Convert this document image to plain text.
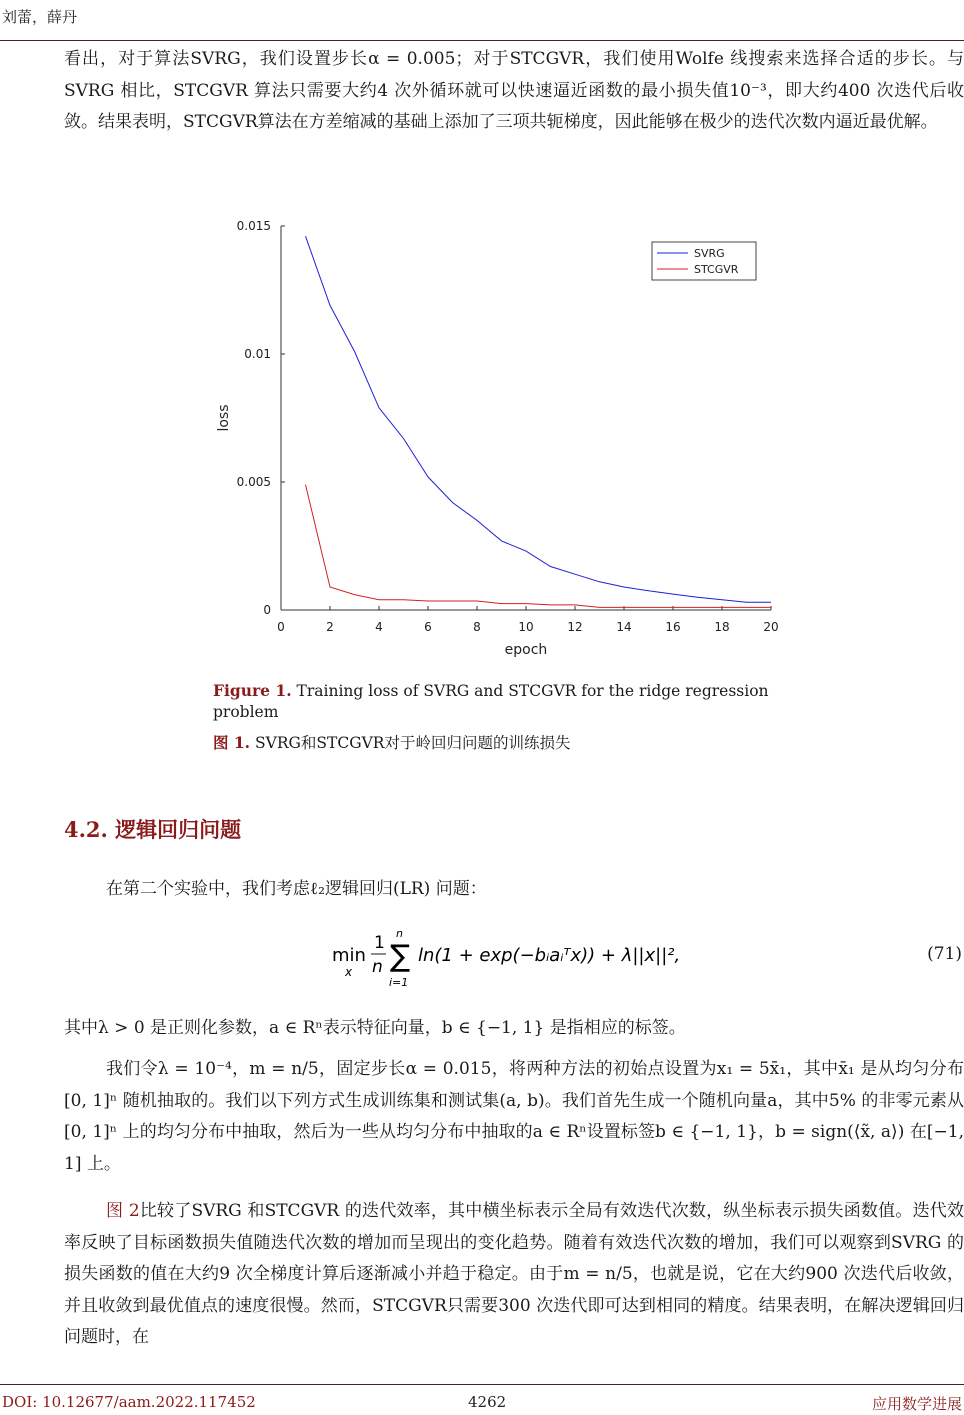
刘蕾，薛丹

看出，对于算法SVRG，我们设置步长α = 0.005；对于STCGVR，我们使用Wolfe 线搜索来选择合适的步长。与SVRG 相比，STCGVR 算法只需要大约4 次外循环就可以快速逼近函数的最小损失值10⁻³，即大约400 次迭代后收敛。结果表明，STCGVR算法在方差缩减的基础上添加了三项共轭梯度，因此能够在极少的迭代次数内逼近最优解。

0	2	4	6	8	10	12	14	16	18	20
0
0.005
0.01
0.015
epoch
loss
SVRG
STCGVR

Figure 1. Training loss of SVRG and STCGVR for the ridge regression problem

图 1. SVRG和STCGVR对于岭回归问题的训练损失

4.2. 逻辑回归问题

在第二个实验中，我们考虑ℓ₂逻辑回归(LR) 问题：

min
x
1
n
n
∑
i=1
ln(1 + exp(−bᵢaᵢᵀx)) + λ||x||²,	(71)

其中λ > 0 是正则化参数，a ∈ Rⁿ表示特征向量，b ∈ {−1, 1} 是指相应的标签。

我们令λ = 10⁻⁴，m = n/5，固定步长α = 0.015，将两种方法的初始点设置为x₁ = 5x̄₁，其中x̄₁ 是从均匀分布[0, 1]ⁿ 随机抽取的。我们以下列方式生成训练集和测试集(a, b)。我们首先生成一个随机向量a，其中5% 的非零元素从[0, 1]ⁿ 上的均匀分布中抽取，然后为一些从均匀分布中抽取的a ∈ Rⁿ设置标签b ∈ {−1, 1}，b = sign(⟨x̃, a⟩) 在[−1, 1] 上。

图 2比较了SVRG 和STCGVR 的迭代效率，其中横坐标表示全局有效迭代次数，纵坐标表示损失函数值。迭代效率反映了目标函数损失值随迭代次数的增加而呈现出的变化趋势。随着有效迭代次数的增加，我们可以观察到SVRG 的损失函数的值在大约9 次全梯度计算后逐渐减小并趋于稳定。由于m = n/5，也就是说，它在大约900 次迭代后收敛，并且收敛到最优值点的速度很慢。然而，STCGVR只需要300 次迭代即可达到相同的精度。结果表明，在解决逻辑回归问题时，在

DOI: 10.12677/aam.2022.117452	4262	应用数学进展
